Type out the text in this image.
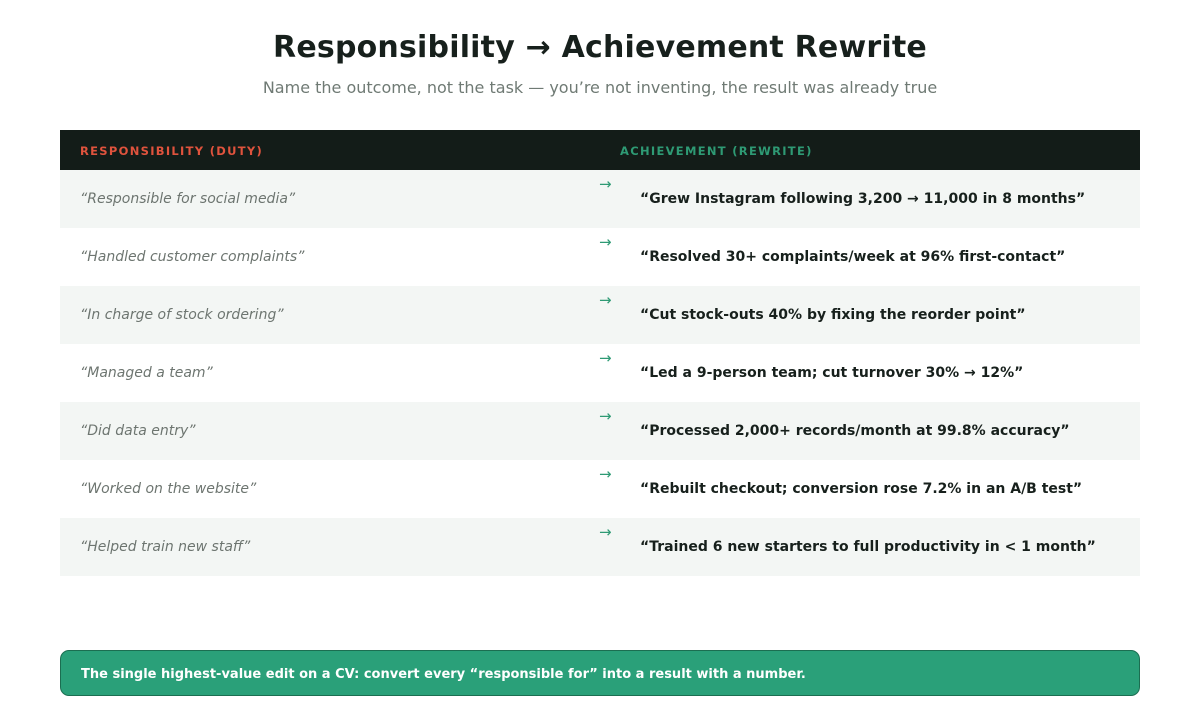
Responsibility → Achievement Rewrite
Name the outcome, not the task — you’re not inventing, the result was already true
RESPONSIBILITY (DUTY)	ACHIEVEMENT (REWRITE)
“Responsible for social media”
→
“Grew Instagram following 3,200 → 11,000 in 8 months”
“Handled customer complaints”
→
“Resolved 30+ complaints/week at 96% first-contact”
“In charge of stock ordering”
→
“Cut stock-outs 40% by fixing the reorder point”
“Managed a team”
→
“Led a 9-person team; cut turnover 30% → 12%”
“Did data entry”
→
“Processed 2,000+ records/month at 99.8% accuracy”
“Worked on the website”
→
“Rebuilt checkout; conversion rose 7.2% in an A/B test”
“Helped train new staff”
→
“Trained 6 new starters to full productivity in < 1 month”
The single highest-value edit on a CV: convert every “responsible for” into a result with a number.
